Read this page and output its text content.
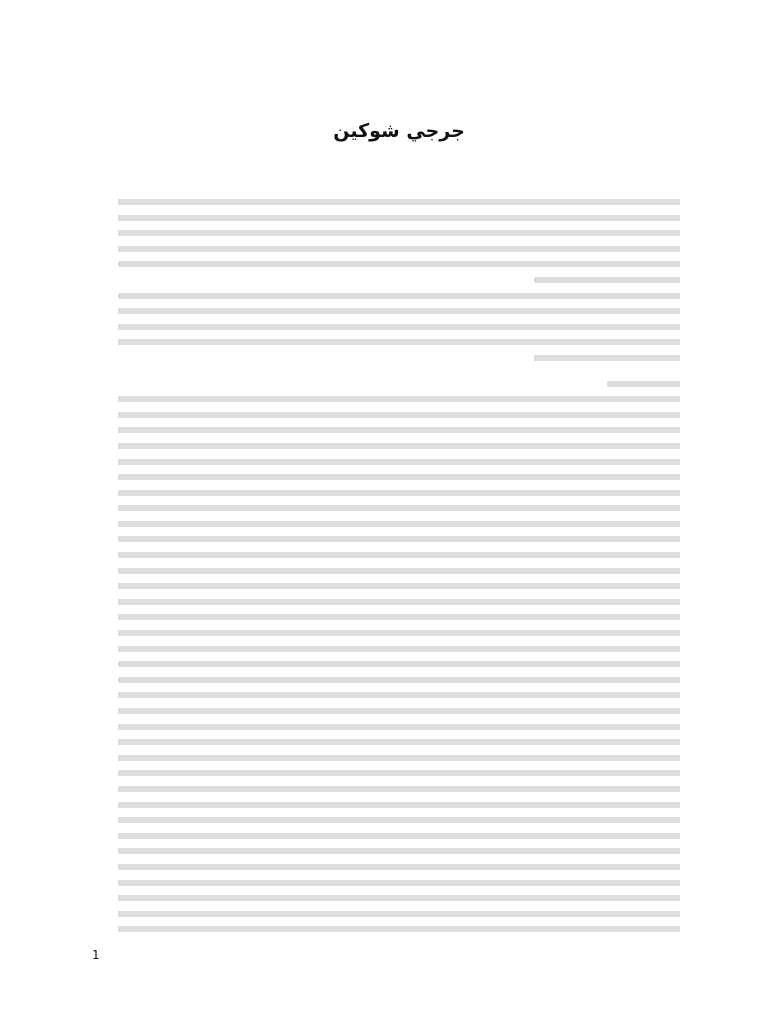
جرجي شوكين
1
